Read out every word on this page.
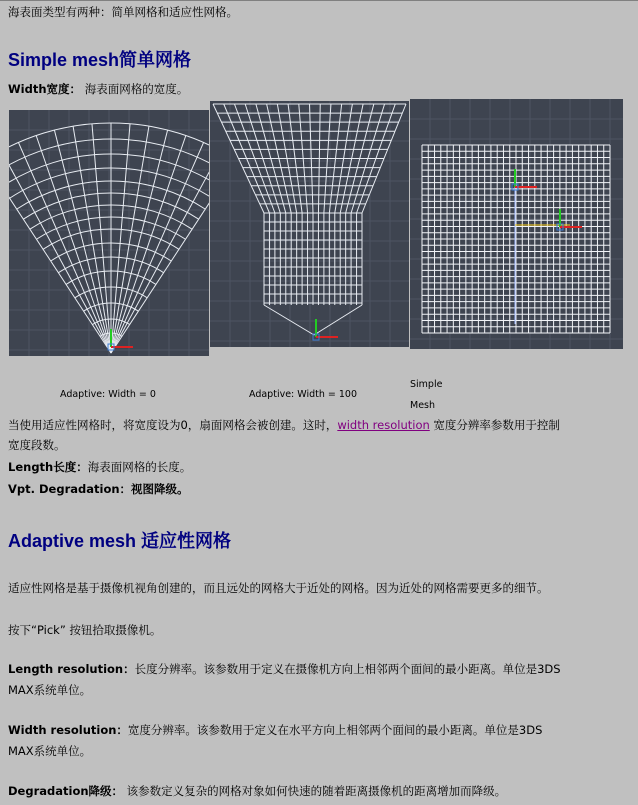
海表面类型有两种：简单网格和适应性网格。
Simple mesh简单网格
Width宽度： 海表面网格的宽度。
Adaptive: Width = 0	Adaptive: Width = 100
Simple
Mesh
当使用适应性网格时，将宽度设为0，扇面网格会被创建。这时，width resolution 宽度分辨率参数用于控制
宽度段数。
Length长度：海表面网格的长度。
Vpt. Degradation：视图降级。
Adaptive mesh 适应性网格
适应性网格是基于摄像机视角创建的，而且远处的网格大于近处的网格。因为近处的网格需要更多的细节。
按下“Pick” 按钮拾取摄像机。
Length resolution：长度分辨率。该参数用于定义在摄像机方向上相邻两个面间的最小距离。单位是3DS
MAX系统单位。
Width resolution：宽度分辨率。该参数用于定义在水平方向上相邻两个面间的最小距离。单位是3DS
MAX系统单位。
Degradation降级： 该参数定义复杂的网格对象如何快速的随着距离摄像机的距离增加而降级。
